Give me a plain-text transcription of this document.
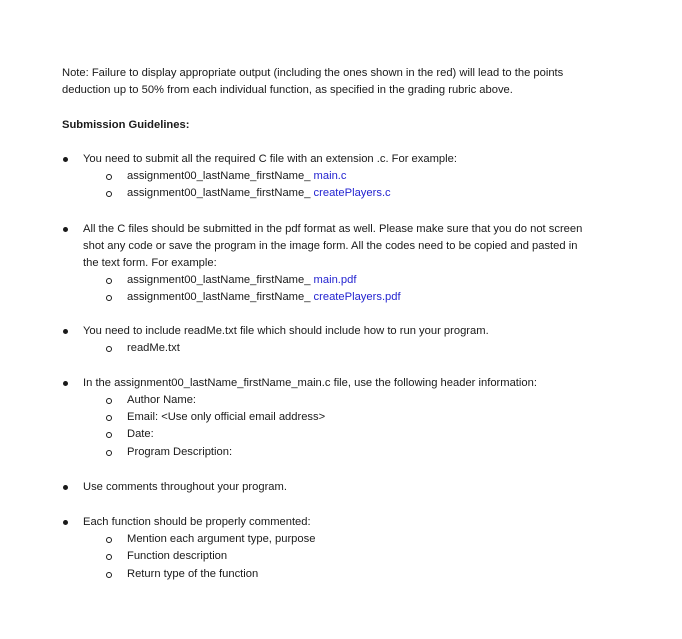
Note: Failure to display appropriate output (including the ones shown in the red) will lead to the points
deduction up to 50% from each individual function, as specified in the grading rubric above.
Submission Guidelines:
You need to submit all the required C file with an extension .c. For example:
assignment00_lastName_firstName_ main.c
assignment00_lastName_firstName_ createPlayers.c
All the C files should be submitted in the pdf format as well. Please make sure that you do not screen
shot any code or save the program in the image form. All the codes need to be copied and pasted in
the text form. For example:
assignment00_lastName_firstName_ main.pdf
assignment00_lastName_firstName_ createPlayers.pdf
You need to include readMe.txt file which should include how to run your program.
readMe.txt
In the assignment00_lastName_firstName_main.c file, use the following header information:
Author Name:
Email: <Use only official email address>
Date:
Program Description:
Use comments throughout your program.
Each function should be properly commented:
Mention each argument type, purpose
Function description
Return type of the function
